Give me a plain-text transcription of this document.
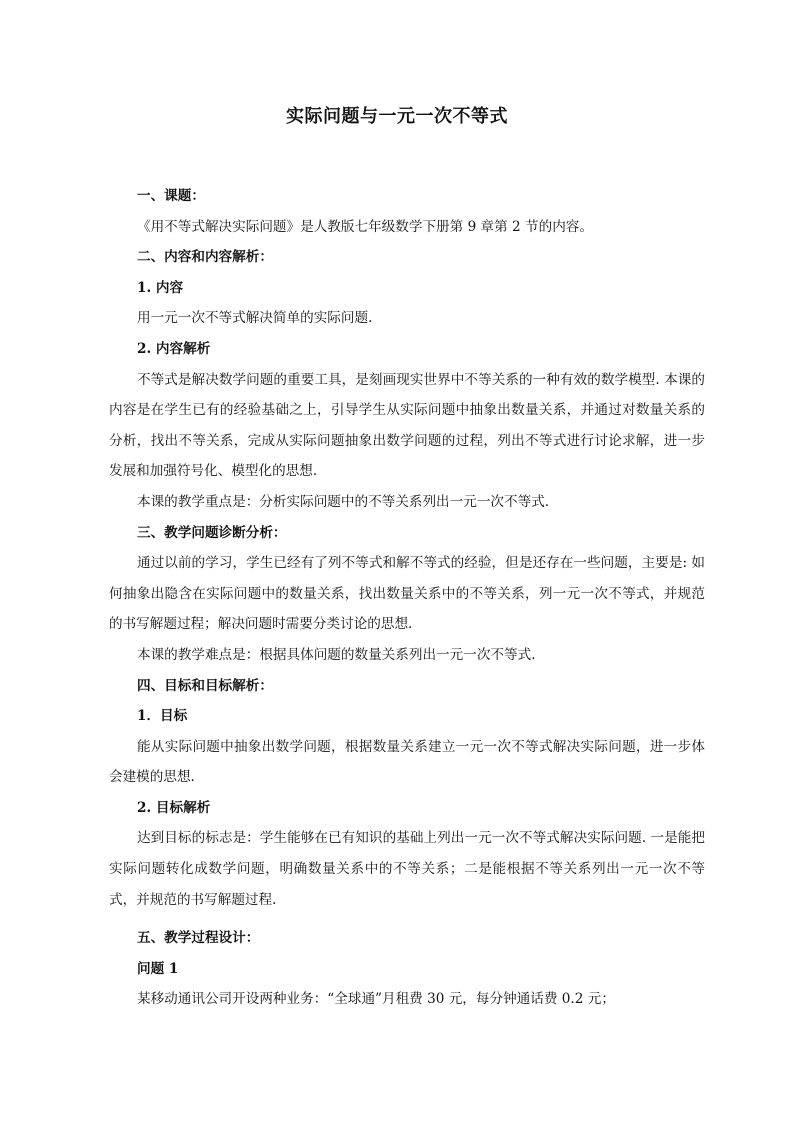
实际问题与一元一次不等式

一、课题：

《用不等式解决实际问题》是人教版七年级数学下册第 9 章第 2 节的内容。

二、内容和内容解析：

1. 内容

用一元一次不等式解决简单的实际问题.

2. 内容解析

不等式是解决数学问题的重要工具，是刻画现实世界中不等关系的一种有效的数学模型. 本课的内容是在学生已有的经验基础之上，引导学生从实际问题中抽象出数量关系，并通过对数量关系的分析，找出不等关系，完成从实际问题抽象出数学问题的过程，列出不等式进行讨论求解，进一步发展和加强符号化、模型化的思想.

本课的教学重点是：分析实际问题中的不等关系列出一元一次不等式.

三、教学问题诊断分析：

通过以前的学习，学生已经有了列不等式和解不等式的经验，但是还存在一些问题，主要是: 如何抽象出隐含在实际问题中的数量关系，找出数量关系中的不等关系，列一元一次不等式，并规范的书写解题过程；解决问题时需要分类讨论的思想.

本课的教学难点是：根据具体问题的数量关系列出一元一次不等式.

四、目标和目标解析：

1．目标

能从实际问题中抽象出数学问题，根据数量关系建立一元一次不等式解决实际问题，进一步体会建模的思想.

2. 目标解析

达到目标的标志是：学生能够在已有知识的基础上列出一元一次不等式解决实际问题. 一是能把实际问题转化成数学问题，明确数量关系中的不等关系；二是能根据不等关系列出一元一次不等式，并规范的书写解题过程.

五、教学过程设计：

问题 1

某移动通讯公司开设两种业务：“全球通”月租费 30 元，每分钟通话费 0.2 元；
